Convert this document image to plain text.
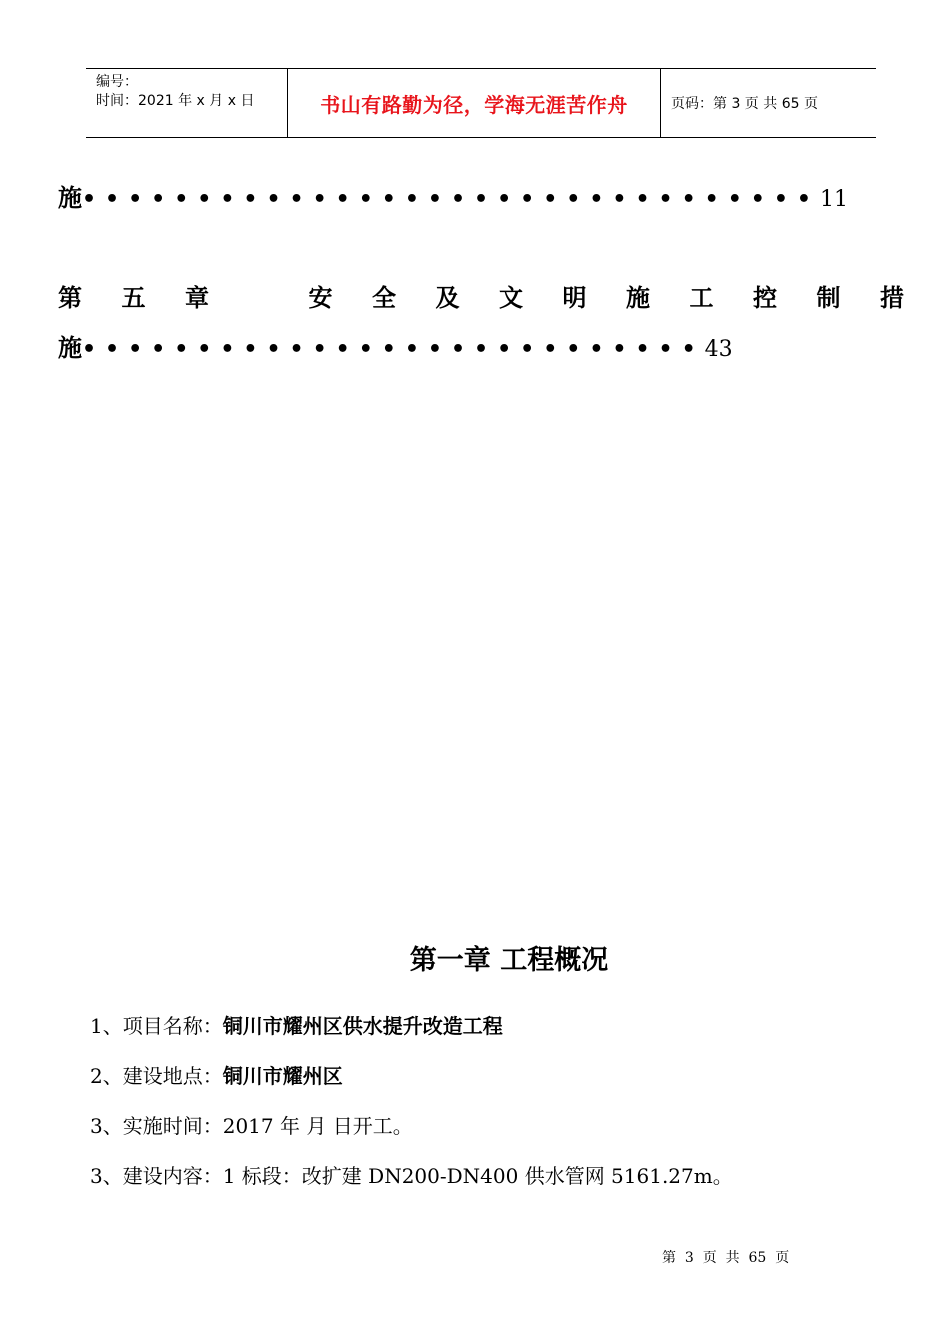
编号：
时间：2021 年 x 月 x 日	书山有路勤为径，学海无涯苦作舟	页码：第 3 页 共 65 页
施••••••••••••••••••••••••••••••••11
第 五 章	安 全 及 文 明 施 工 控 制 措
施•••••••••••••••••••••••••••43
第一章 工程概况
1、项目名称：铜川市耀州区供水提升改造工程
2、建设地点：铜川市耀州区
3、实施时间：2017 年 月 日开工。
3、建设内容：1 标段：改扩建 DN200-DN400 供水管网 5161.27m。
第  3  页  共  65  页
